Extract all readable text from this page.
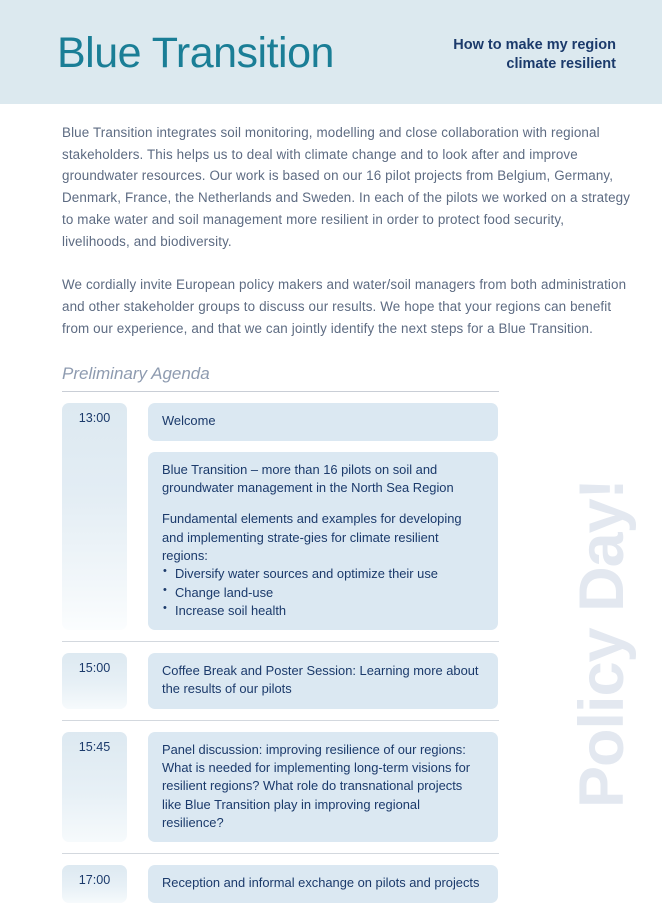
Blue Transition	How to make my region
climate resilient
Policy Day!
Blue Transition integrates soil monitoring, modelling and close collaboration with regional stakeholders. This helps us to deal with climate change and to look after and improve groundwater resources. Our work is based on our 16 pilot projects from Belgium, Germany, Denmark, France, the Netherlands and Sweden. In each of the pilots we worked on a strategy to make water and soil management more resilient in order to protect food security, livelihoods, and biodiversity.
We cordially invite European policy makers and water/soil managers from both administration and other stakeholder groups to discuss our results. We hope that your regions can benefit from our experience, and that we can jointly identify the next steps for a Blue Transition.
Preliminary Agenda
13:00	Welcome

Blue Transition – more than 16 pilots on soil and groundwater management in the North Sea Region

Fundamental elements and examples for developing and implementing strate-gies for climate resilient regions:

• Diversify water sources and optimize their use
• Change land-use
• Increase soil health
15:00	Coffee Break and Poster Session: Learning more about the results of our pilots

15:45	Panel discussion: improving resilience of our regions: What is needed for implementing long-term visions for resilient regions? What role do transnational projects like Blue Transition play in improving regional resilience?

17:00	Reception and informal exchange on pilots and projects
